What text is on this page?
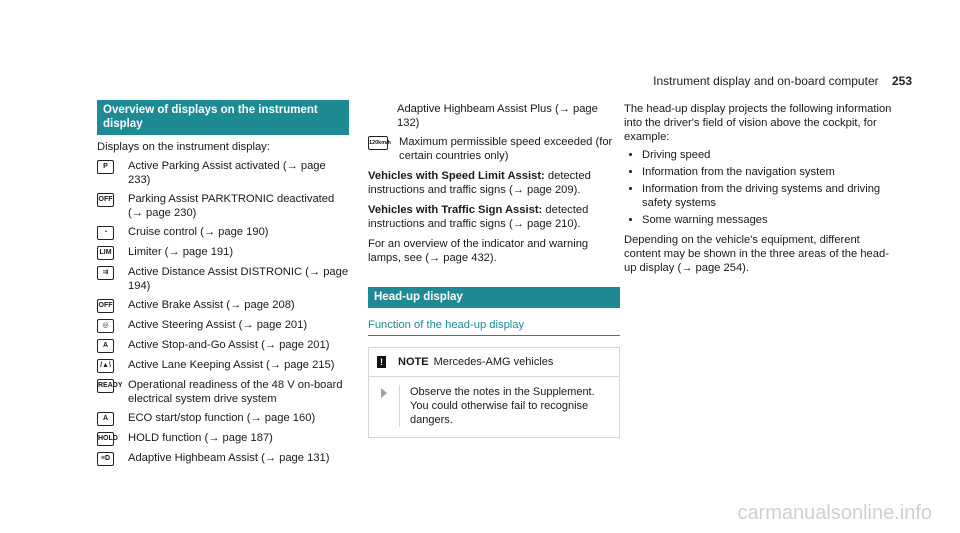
Instrument display and on-board computer 253
Overview of displays on the instrument display
Displays on the instrument display:
P	Active Parking Assist activated (→ page 233)
OFF Parking Assist PARKTRONIC deactivated (→ page 230)
◔	Cruise control (→ page 190)
LIM Limiter (→ page 191)
⇉	Active Distance Assist DISTRONIC (→ page 194)
OFF Active Brake Assist (→ page 208)
◎	Active Steering Assist (→ page 201)
A	Active Stop-and-Go Assist (→ page 201)
/▲\ Active Lane Keeping Assist (→ page 215)
READY Operational readiness of the 48 V on-board electrical system drive system
A	ECO start/stop function (→ page 160)
HOLD HOLD function (→ page 187)
≡D	Adaptive Highbeam Assist (→ page 131)
Adaptive Highbeam Assist Plus (→ page 132)
120km/h Maximum permissible speed exceeded (for certain countries only)

Vehicles with Speed Limit Assist: detected instructions and traffic signs (→ page 209).

Vehicles with Traffic Sign Assist: detected instructions and traffic signs (→ page 210).

For an overview of the indicator and warning lamps, see (→ page 432).

Head-up display
Function of the head-up display
! NOTE Mercedes-AMG vehicles
Observe the notes in the Supplement. You could otherwise fail to recognise dangers.
The head-up display projects the following information into the driver's field of vision above the cockpit, for example:
• Driving speed
• Information from the navigation system
• Information from the driving systems and driving safety systems
• Some warning messages
Depending on the vehicle's equipment, different content may be shown in the three areas of the head-up display (→ page 254).
carmanualsonline.info
